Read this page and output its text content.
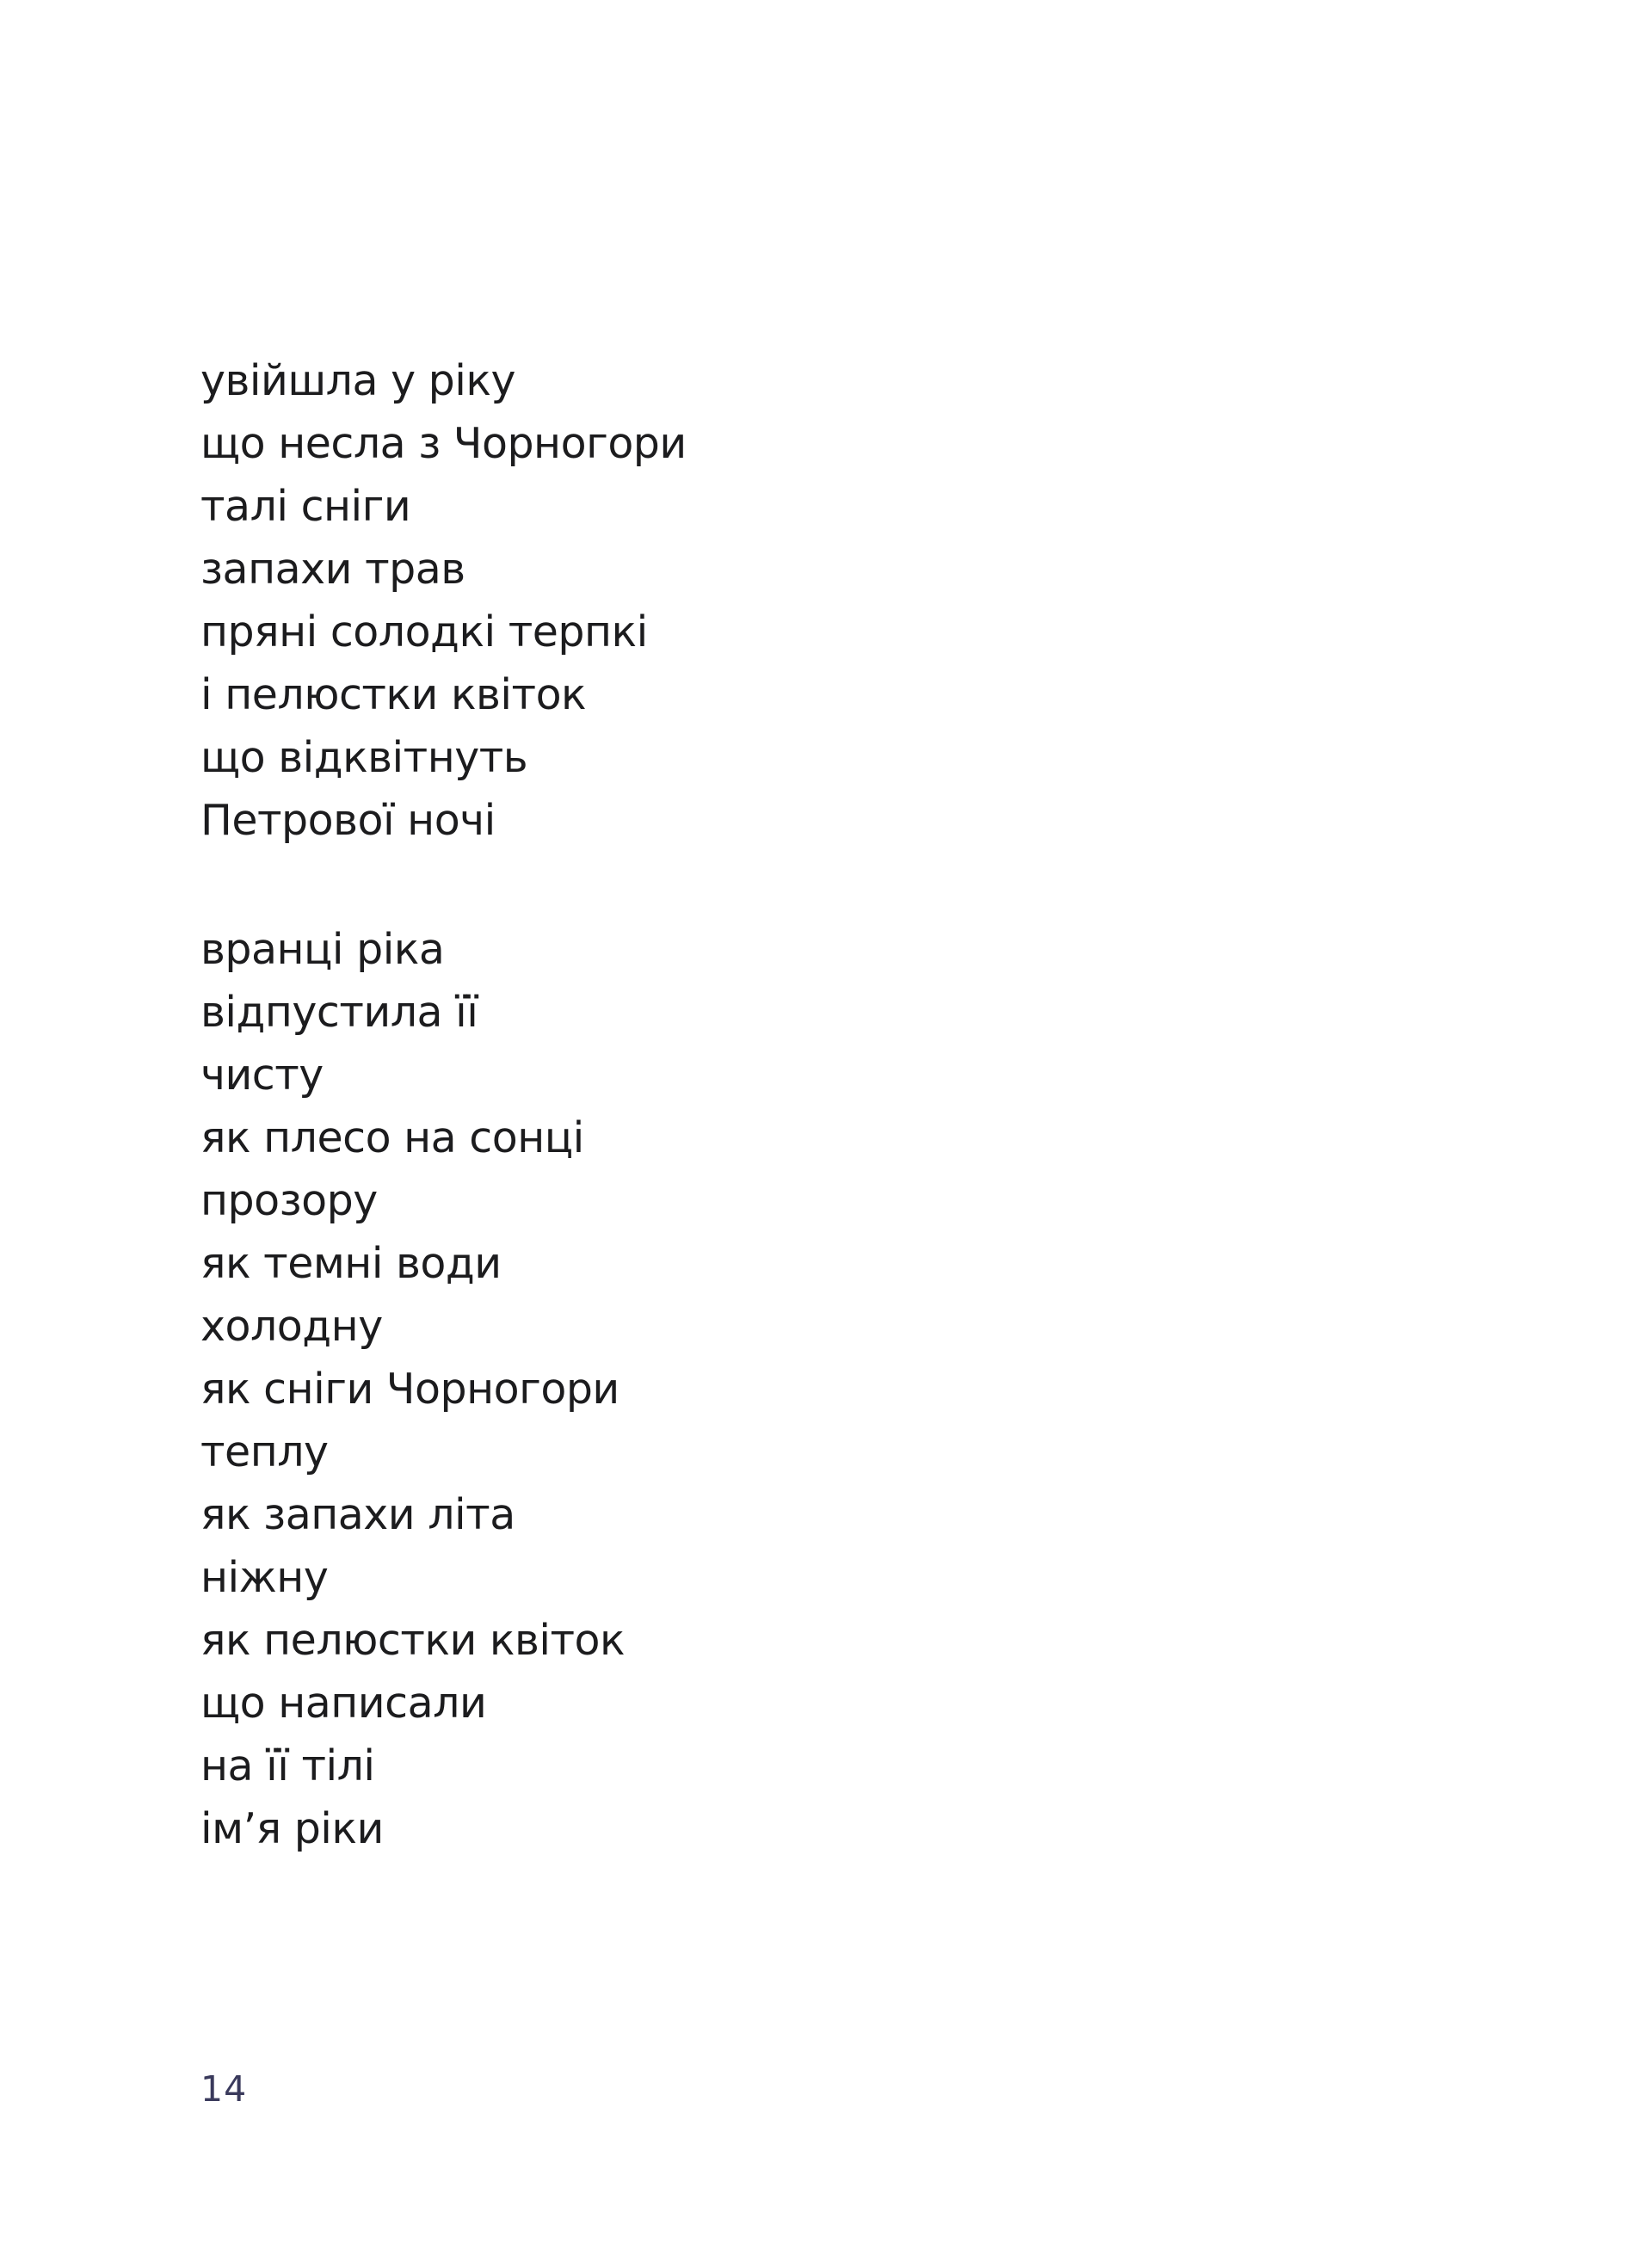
увійшла у ріку
що несла з Чорногори
талі сніги
запахи трав
пряні солодкі терпкі
і пелюстки квіток
що відквітнуть
Петрової ночі
вранці ріка
відпустила її
чисту
як плесо на сонці
прозору
як темні води
холодну
як сніги Чорногори
теплу
як запахи літа
ніжну
як пелюстки квіток
що написали
на її тілі
ім’я ріки
14
